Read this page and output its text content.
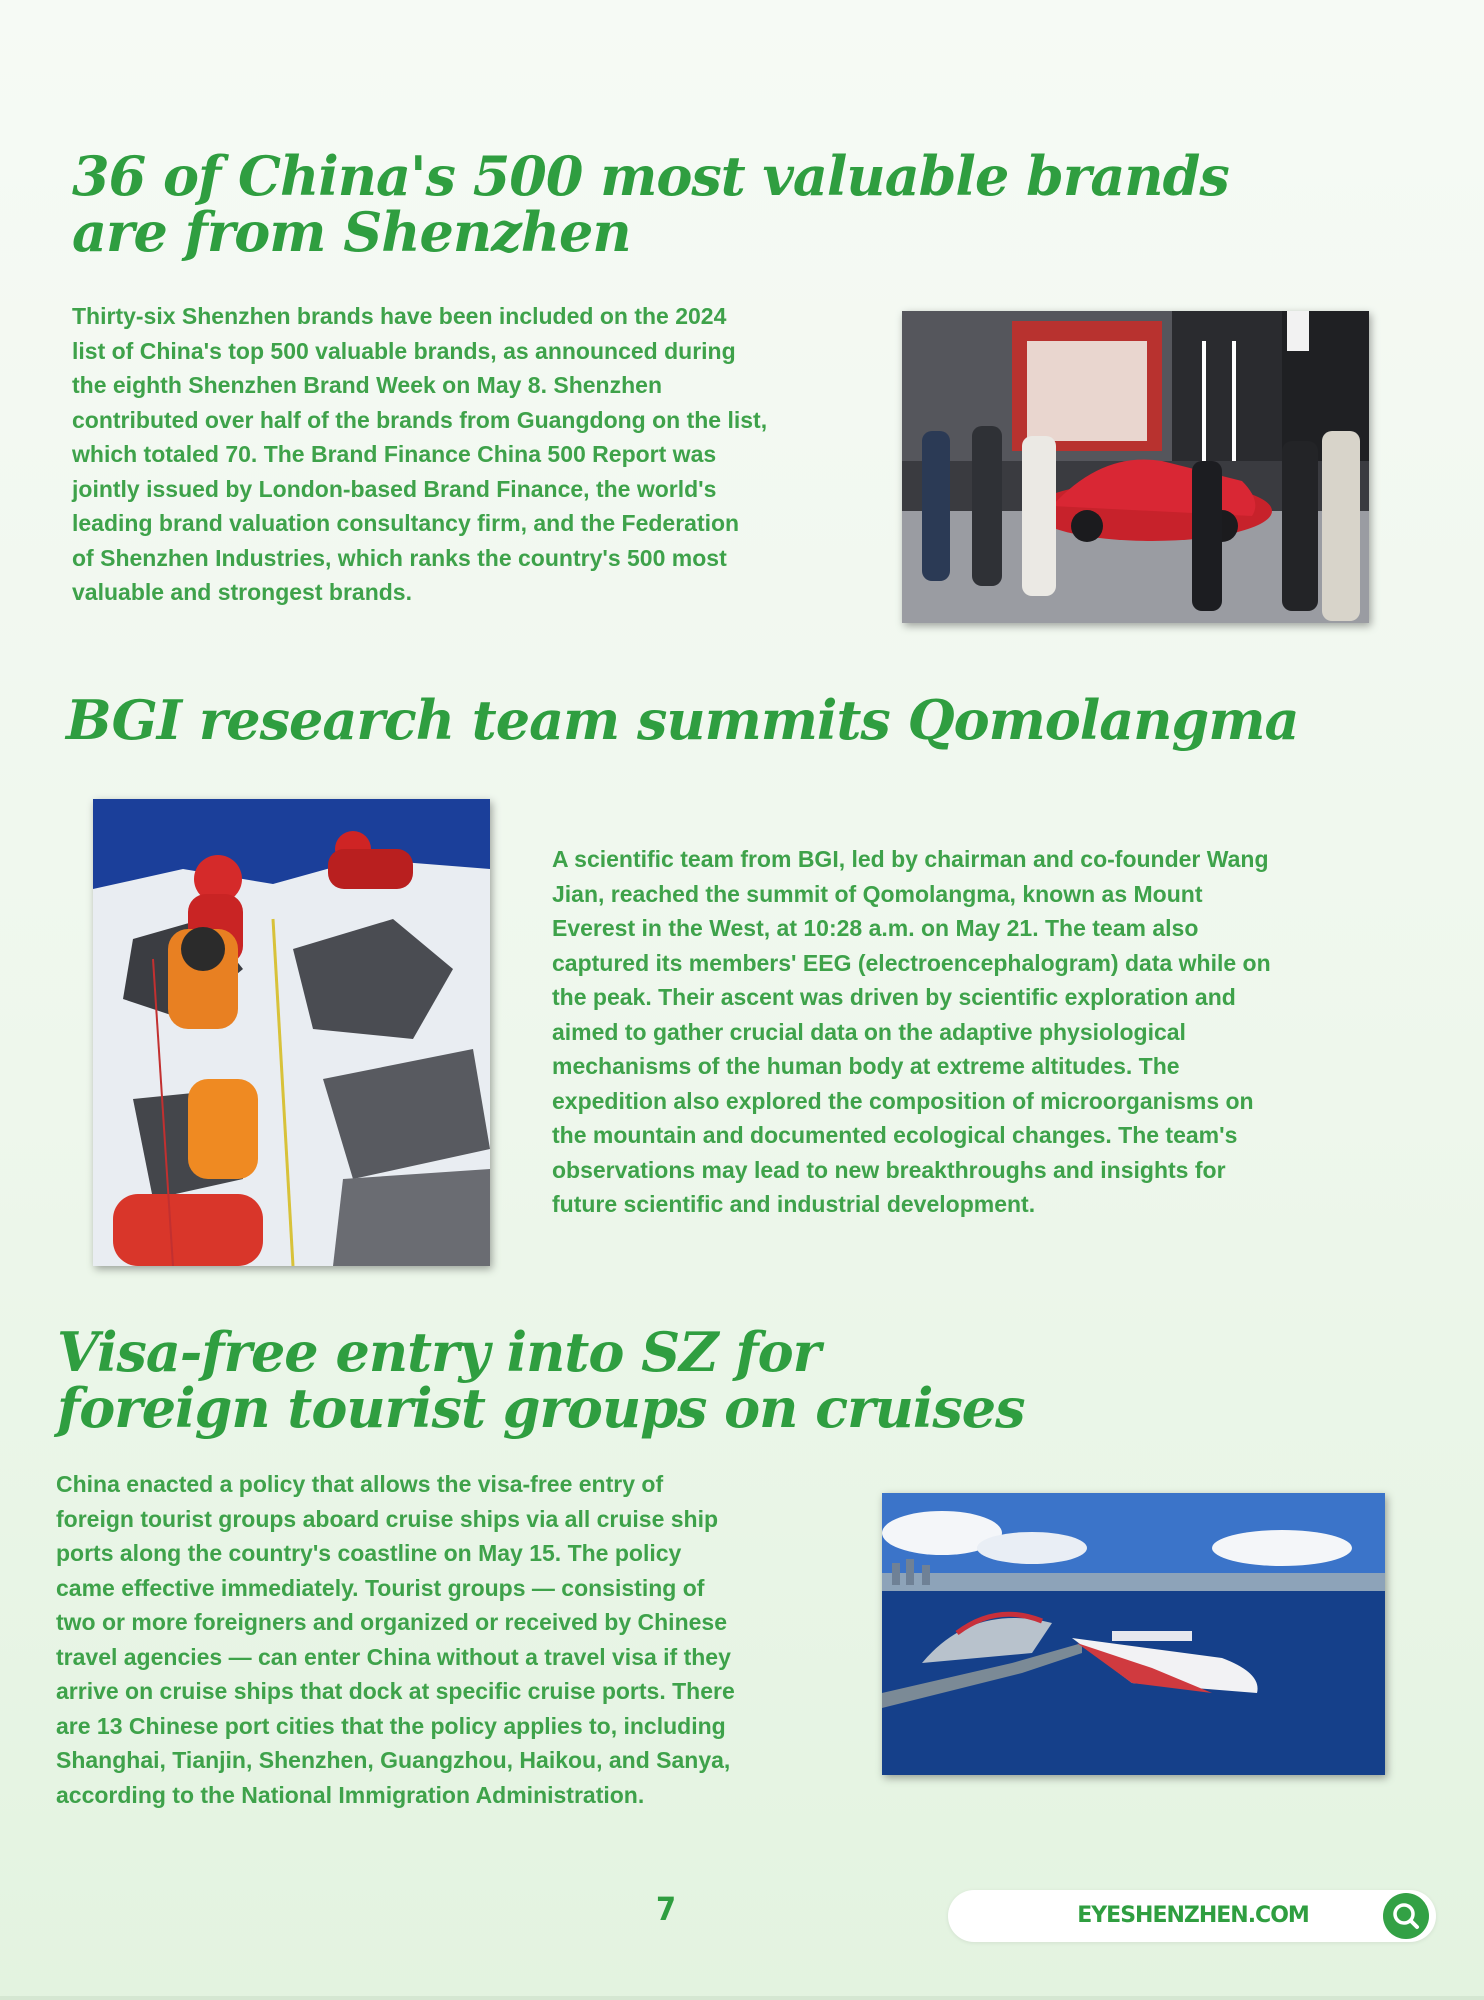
36 of China's 500 most valuable brands
are from Shenzhen
Thirty-six Shenzhen brands have been included on the 2024
list of China's top 500 valuable brands, as announced during
the eighth Shenzhen Brand Week on May 8. Shenzhen
contributed over half of the brands from Guangdong on the list,
which totaled 70. The Brand Finance China 500 Report was
jointly issued by London-based Brand Finance, the world's
leading brand valuation consultancy firm, and the Federation
of Shenzhen Industries, which ranks the country's 500 most
valuable and strongest brands.
BGI research team summits Qomolangma
A scientific team from BGI, led by chairman and co-founder Wang
Jian, reached the summit of Qomolangma, known as Mount
Everest in the West, at 10:28 a.m. on May 21. The team also
captured its members' EEG (electroencephalogram) data while on
the peak. Their ascent was driven by scientific exploration and
aimed to gather crucial data on the adaptive physiological
mechanisms of the human body at extreme altitudes. The
expedition also explored the composition of microorganisms on
the mountain and documented ecological changes. The team's
observations may lead to new breakthroughs and insights for
future scientific and industrial development.
Visa-free entry into SZ for
foreign tourist groups on cruises
China enacted a policy that allows the visa-free entry of
foreign tourist groups aboard cruise ships via all cruise ship
ports along the country's coastline on May 15. The policy
came effective immediately. Tourist groups — consisting of
two or more foreigners and organized or received by Chinese
travel agencies — can enter China without a travel visa if they
arrive on cruise ships that dock at specific cruise ports. There
are 13 Chinese port cities that the policy applies to, including
Shanghai, Tianjin, Shenzhen, Guangzhou, Haikou, and Sanya,
according to the National Immigration Administration.
7	EYESHENZHEN.COM
